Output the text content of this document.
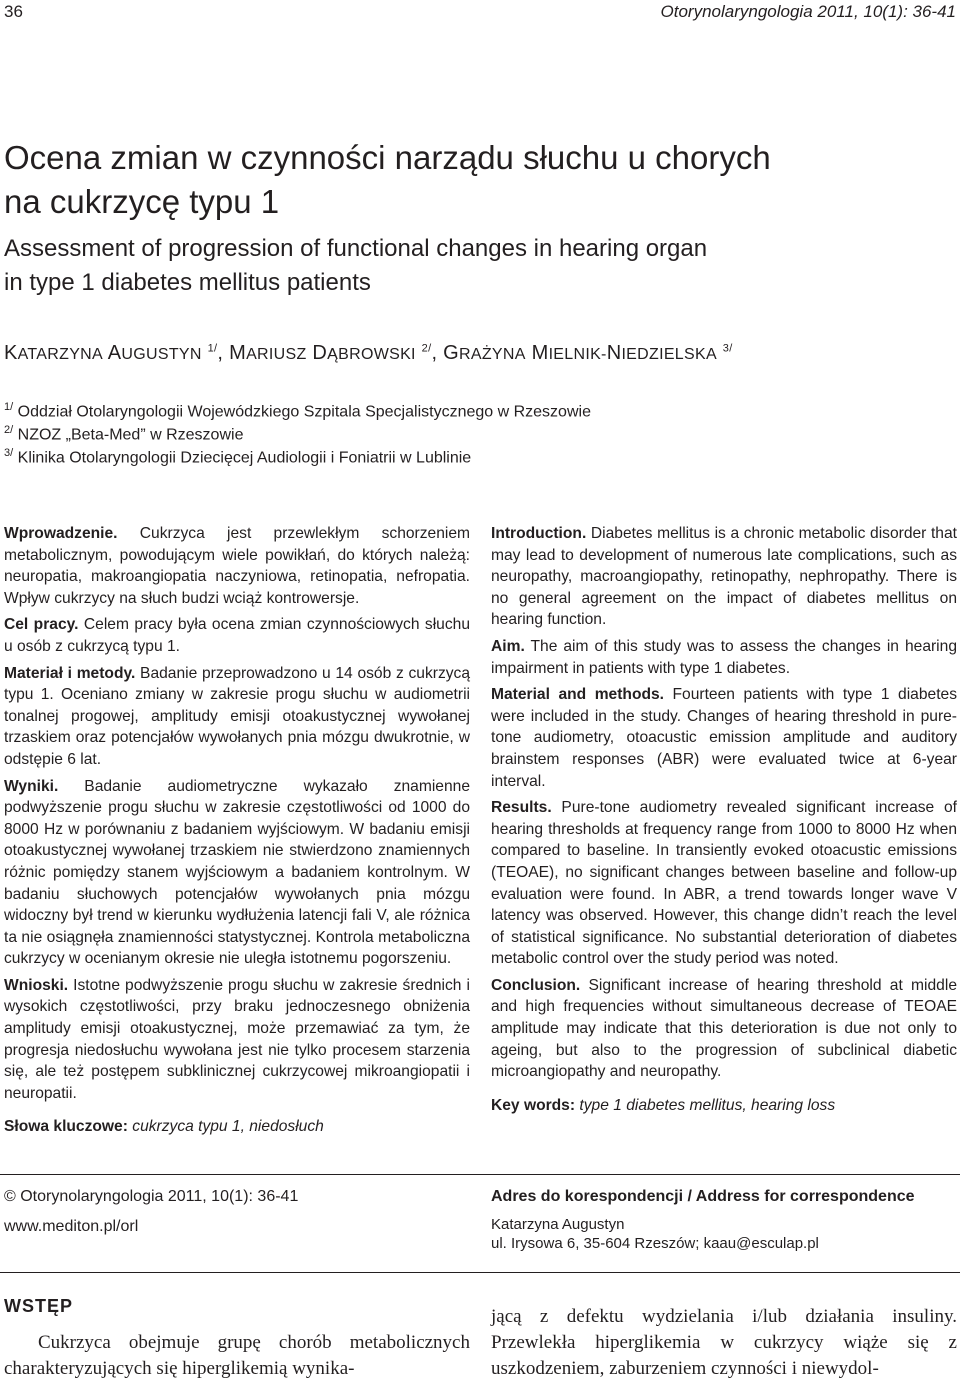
36	Otorynolaryngologia 2011, 10(1): 36-41
Ocena zmian w czynności narządu słuchu u chorych
na cukrzycę typu 1
Assessment of progression of functional changes in hearing organ
in type 1 diabetes mellitus patients
KATARZYNA AUGUSTYN $^{1/}$, MARIUSZ DĄBROWSKI $^{2/}$, GRAŻYNA MIELNIK-NIEDZIELSKA $^{3/}$
$^{1/}$ Oddział Otolaryngologii Wojewódzkiego Szpitala Specjalistycznego w Rzeszowie
$^{2/}$ NZOZ „Beta-Med” w Rzeszowie
$^{3/}$ Klinika Otolaryngologii Dziecięcej Audiologii i Foniatrii w Lublinie

Wprowadzenie. Cukrzyca jest przewlekłym schorzeniem metabolicznym, powodującym wiele powikłań, do których należą: neuropatia, makroangiopatia naczyniowa, retinopatia, nefropatia. Wpływ cukrzycy na słuch budzi wciąż kontrowersje.

Cel pracy. Celem pracy była ocena zmian czynnościowych słuchu u osób z cukrzycą typu 1.

Materiał i metody. Badanie przeprowadzono u 14 osób z cukrzycą typu 1. Oceniano zmiany w zakresie progu słuchu w audiometrii tonalnej progowej, amplitudy emisji otoakustycznej wywołanej trzaskiem oraz potencjałów wywołanych pnia mózgu dwukrotnie, w odstępie 6 lat.

Wyniki. Badanie audiometryczne wykazało znamienne podwyższenie progu słuchu w zakresie częstotliwości od 1000 do 8000 Hz w porównaniu z badaniem wyjściowym. W badaniu emisji otoakustycznej wywołanej trzaskiem nie stwierdzono znamiennych różnic pomiędzy stanem wyjściowym a badaniem kontrolnym. W badaniu słuchowych potencjałów wywołanych pnia mózgu widoczny był trend w kierunku wydłużenia latencji fali V, ale różnica ta nie osiągnęła znamienności statystycznej. Kontrola metaboliczna cukrzycy w ocenianym okresie nie uległa istotnemu pogorszeniu.

Wnioski. Istotne podwyższenie progu słuchu w zakresie średnich i wysokich częstotliwości, przy braku jednoczesnego obniżenia amplitudy emisji otoakustycznej, może przemawiać za tym, że progresja niedosłuchu wywołana jest nie tylko procesem starzenia się, ale też postępem subklinicznej cukrzycowej mikroangiopatii i neuropatii.

Słowa kluczowe: cukrzyca typu 1, niedosłuch

Introduction. Diabetes mellitus is a chronic metabolic disorder that may lead to development of numerous late complications, such as neuropathy, macroangiopathy, retinopathy, nephropathy. There is no general agreement on the impact of diabetes mellitus on hearing function.

Aim. The aim of this study was to assess the changes in hearing impairment in patients with type 1 diabetes.

Material and methods. Fourteen patients with type 1 diabetes were included in the study. Changes of hearing threshold in pure-tone audiometry, otoacustic emission amplitude and auditory brainstem responses (ABR) were evaluated twice at 6-year interval.

Results. Pure-tone audiometry revealed significant increase of hearing thresholds at frequency range from 1000 to 8000 Hz when compared to baseline. In transiently evoked otoacustic emissions (TEOAE), no significant changes between baseline and follow-up evaluation were found. In ABR, a trend towards longer wave V latency was observed. However, this change didn’t reach the level of statistical significance. No substantial deterioration of diabetes metabolic control over the study period was noted.

Conclusion. Significant increase of hearing threshold at middle and high frequencies without simultaneous decrease of TEOAE amplitude may indicate that this deterioration is due not only to ageing, but also to the progression of subclinical diabetic microangiopathy and neuropathy.

Key words: type 1 diabetes mellitus, hearing loss

© Otorynolaryngologia 2011, 10(1): 36-41
www.mediton.pl/orl
Adres do korespondencji / Address for correspondence
Katarzyna Augustyn
ul. Irysowa 6, 35-604 Rzeszów; kaau@esculap.pl
WSTĘP
Cukrzyca obejmuje grupę chorób metabolicznych charakteryzujących się hiperglikemią wynika-
jącą z defektu wydzielania i/lub działania insuliny. Przewlekła hiperglikemia w cukrzycy wiąże się z uszkodzeniem, zaburzeniem czynności i niewydol-
